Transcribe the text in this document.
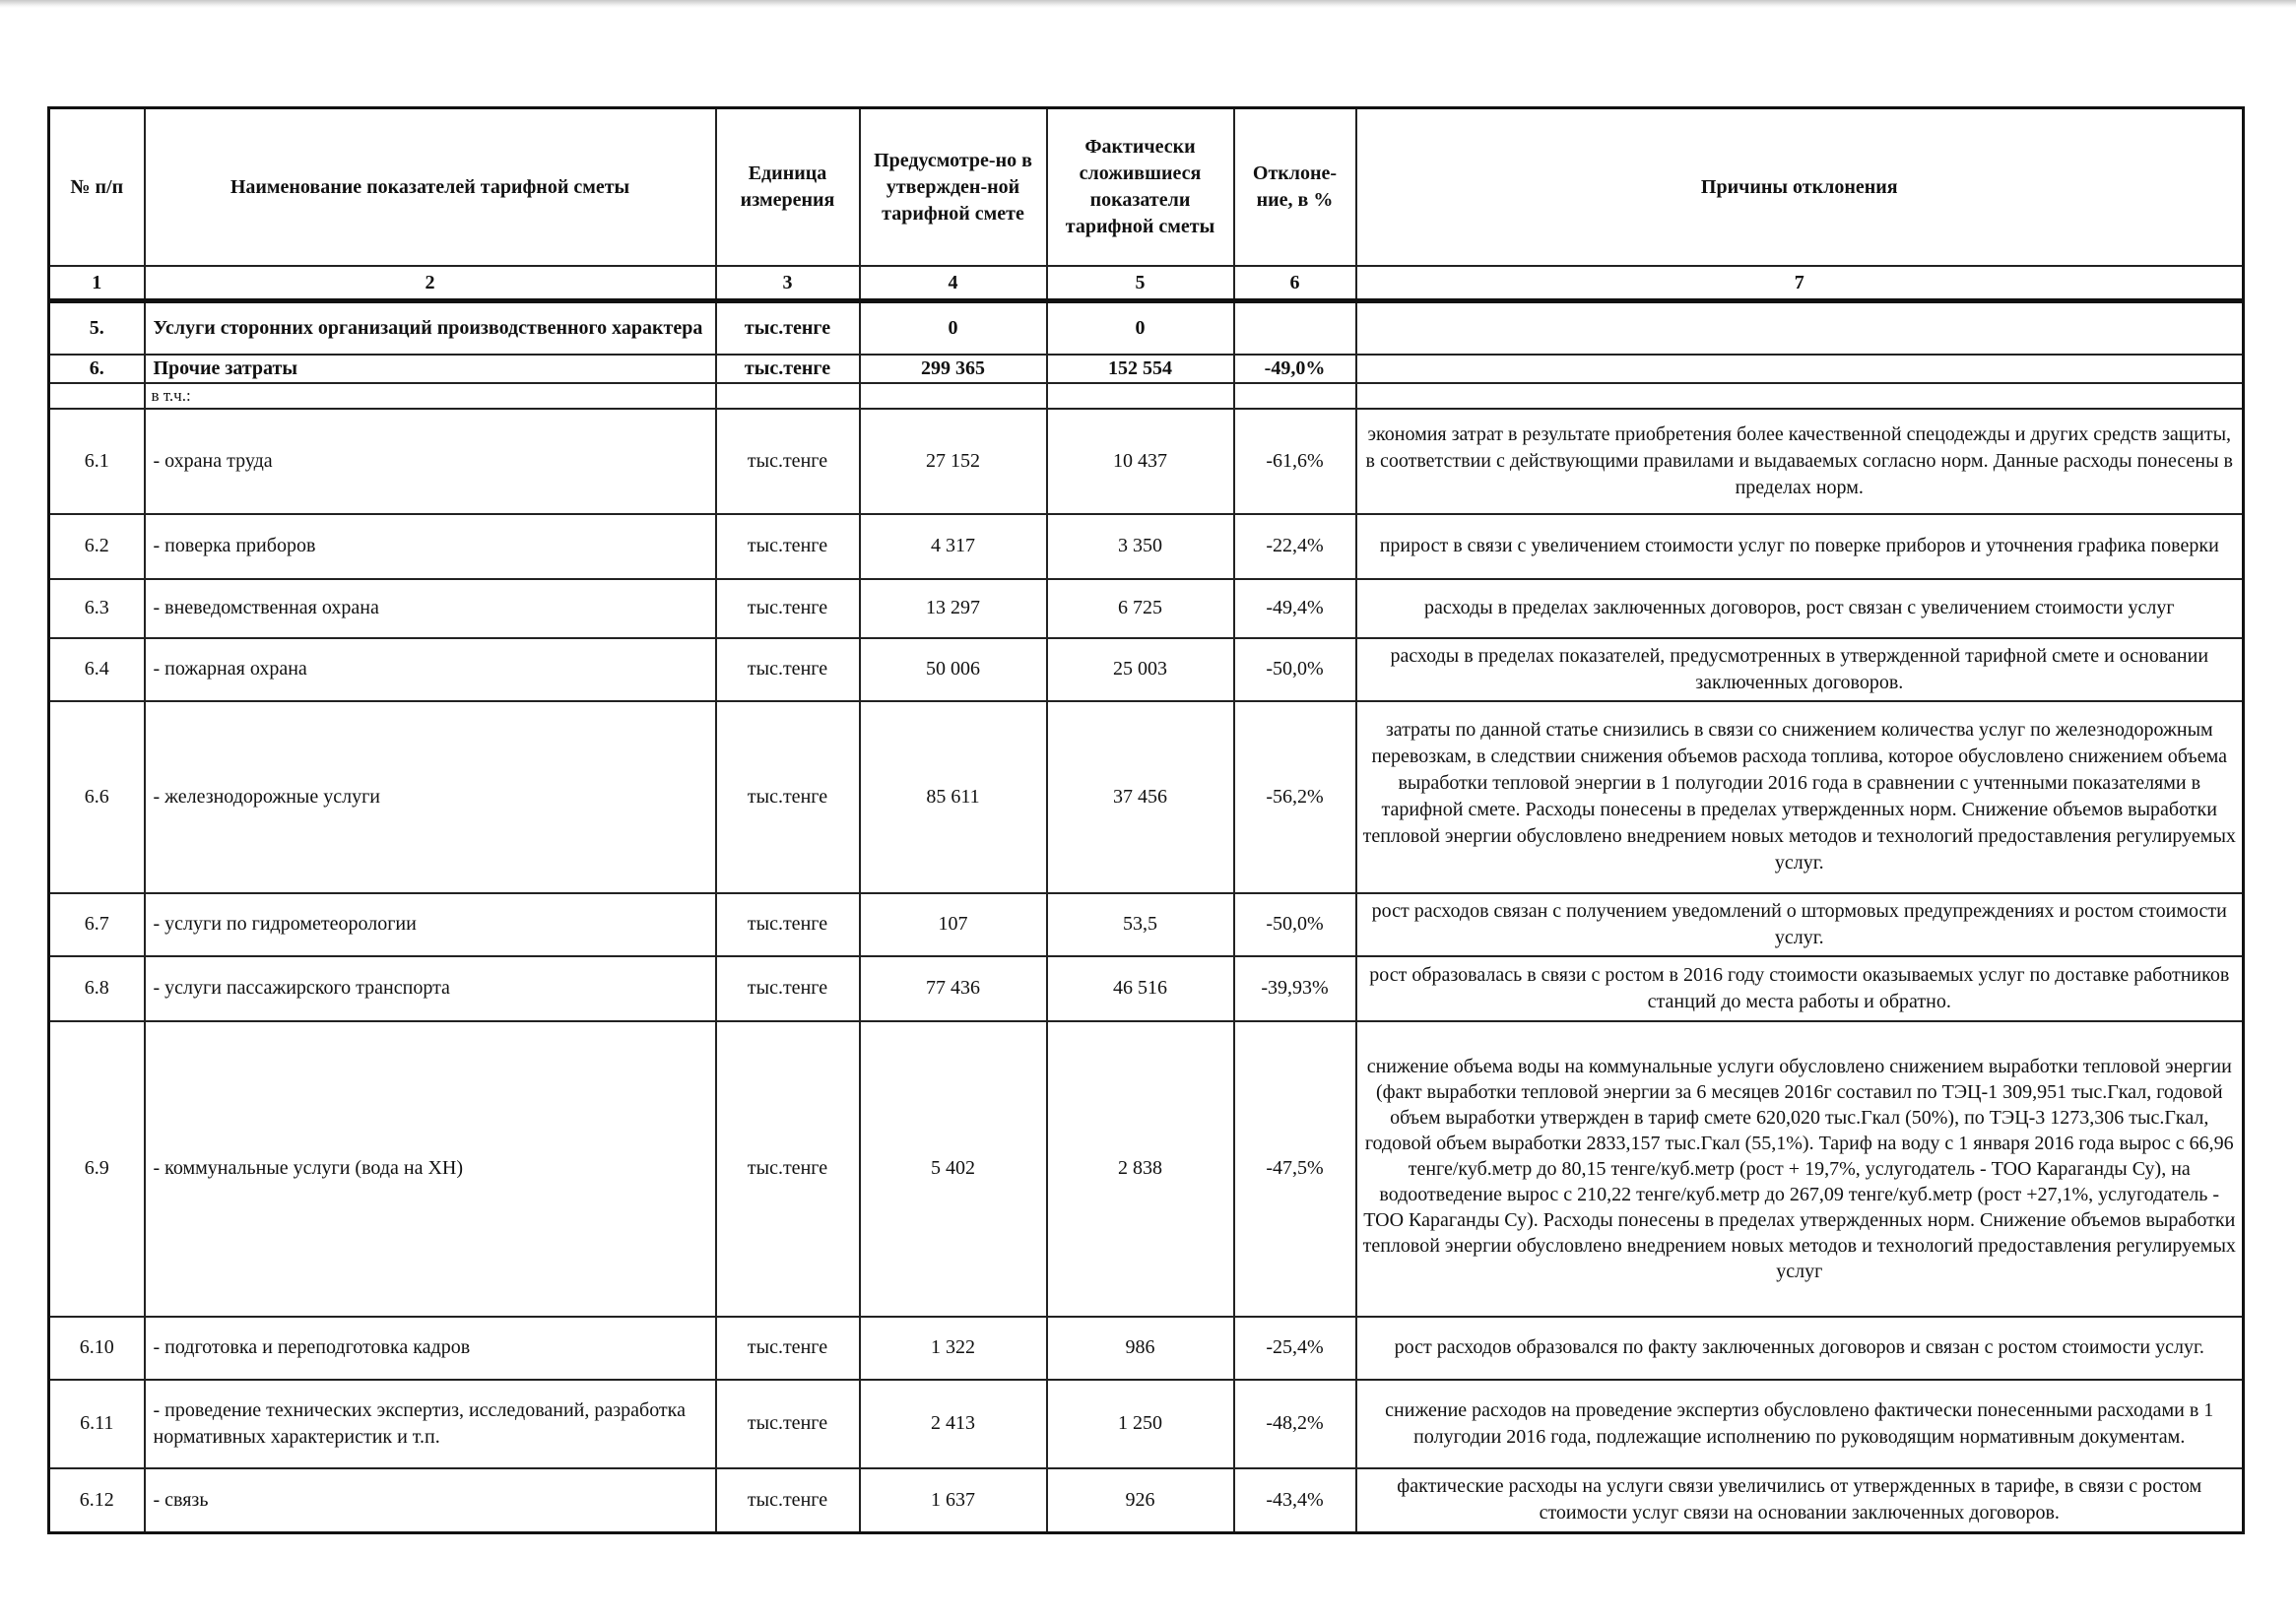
№ п/п	Наименование показателей тарифной сметы	Единица измерения	Предусмотре-но в утвержден-ной тарифной смете	Фактически сложившиеся показатели тарифной сметы	Отклоне-ние, в %	Причины отклонения
1	2	3	4	5	6	7
5.	Услуги сторонних организаций производственного характера	тыс.тенге	0	0		
6.	Прочие затраты	тыс.тенге	299 365	152 554	-49,0%	
	в т.ч.:					
6.1	- охрана труда	тыс.тенге	27 152	10 437	-61,6%	экономия затрат в результате приобретения более качественной спецодежды и других средств защиты, в соответствии с действующими правилами и выдаваемых согласно норм. Данные расходы понесены в пределах норм.
6.2	- поверка приборов	тыс.тенге	4 317	3 350	-22,4%	прирост в связи с увеличением стоимости услуг по поверке приборов и уточнения графика поверки
6.3	- вневедомственная охрана	тыс.тенге	13 297	6 725	-49,4%	расходы в пределах заключенных договоров, рост связан с увеличением стоимости услуг
6.4	- пожарная охрана	тыс.тенге	50 006	25 003	-50,0%	расходы в пределах показателей, предусмотренных в утвержденной тарифной смете и основании заключенных договоров.
6.6	- железнодорожные услуги	тыс.тенге	85 611	37 456	-56,2%	затраты по данной статье снизились в связи со снижением количества услуг по железнодорожным перевозкам, в следствии снижения объемов расхода топлива, которое обусловлено снижением объема выработки тепловой энергии в 1 полугодии 2016 года в сравнении с учтенными показателями в тарифной смете. Расходы понесены в пределах утвержденных норм. Снижение объемов выработки тепловой энергии обусловлено внедрением новых методов и технологий предоставления регулируемых услуг.
6.7	- услуги по гидрометеорологии	тыс.тенге	107	53,5	-50,0%	рост расходов связан с получением уведомлений о штормовых предупреждениях и ростом стоимости услуг.
6.8	- услуги пассажирского транспорта	тыс.тенге	77 436	46 516	-39,93%	рост образовалась в связи с ростом в 2016 году стоимости оказываемых услуг по доставке работников станций до места работы и обратно.
6.9	- коммунальные услуги (вода на ХН)	тыс.тенге	5 402	2 838	-47,5%	снижение объема воды на коммунальные услуги обусловлено снижением выработки тепловой энергии (факт выработки тепловой энергии за 6 месяцев 2016г составил по ТЭЦ-1 309,951 тыс.Гкал, годовой объем выработки утвержден в тариф смете 620,020 тыс.Гкал (50%), по ТЭЦ-3 1273,306 тыс.Гкал, годовой объем выработки 2833,157 тыс.Гкал (55,1%). Тариф на воду с 1 января 2016 года вырос с 66,96 тенге/куб.метр до 80,15 тенге/куб.метр (рост + 19,7%, услугодатель - ТОО Караганды Су), на водоотведение вырос с 210,22 тенге/куб.метр до 267,09 тенге/куб.метр (рост +27,1%, услугодатель - ТОО Караганды Су). Расходы понесены в пределах утвержденных норм. Снижение объемов выработки тепловой энергии обусловлено внедрением новых методов и технологий предоставления регулируемых услуг
6.10	- подготовка и переподготовка кадров	тыс.тенге	1 322	986	-25,4%	рост расходов образовался по факту заключенных договоров и связан с ростом стоимости услуг.
6.11	- проведение технических экспертиз, исследований, разработка нормативных характеристик и т.п.	тыс.тенге	2 413	1 250	-48,2%	снижение расходов на проведение экспертиз обусловлено фактически понесенными расходами в 1 полугодии 2016 года, подлежащие исполнению по руководящим нормативным документам.
6.12	- связь	тыс.тенге	1 637	926	-43,4%	фактические расходы на услуги связи увеличились от утвержденных в тарифе, в связи с ростом стоимости услуг связи на основании заключенных договоров.
